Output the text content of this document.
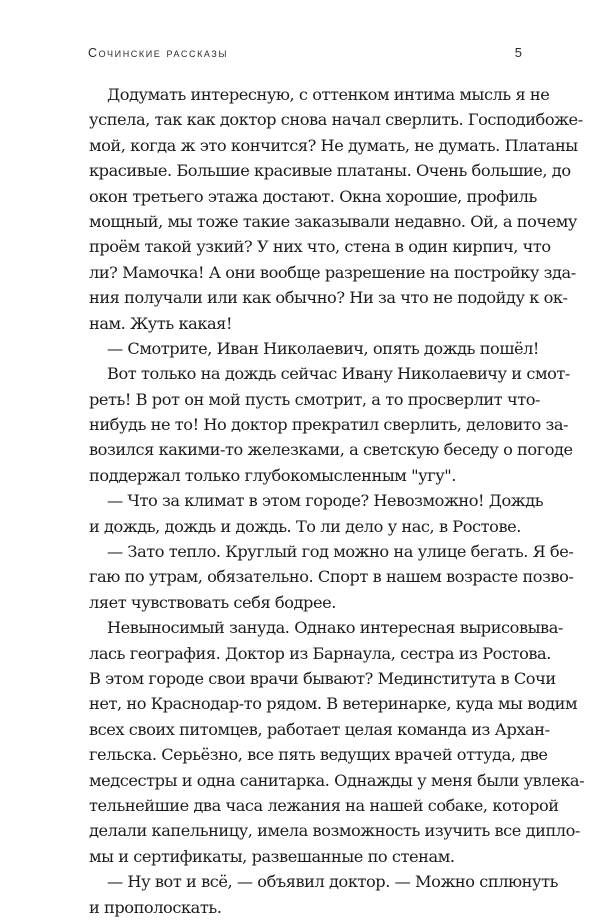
Сочинские рассказы	5
Додумать интересную, с оттенком интима мысль я не
успела, так как доктор снова начал сверлить. Господибоже-
мой, когда ж это кончится? Не думать, не думать. Платаны
красивые. Большие красивые платаны. Очень большие, до
окон третьего этажа достают. Окна хорошие, профиль
мощный, мы тоже такие заказывали недавно. Ой, а почему
проём такой узкий? У них что, стена в один кирпич, что
ли? Мамочка! А они вообще разрешение на постройку зда-
ния получали или как обычно? Ни за что не подойду к ок-
нам. Жуть какая!
— Смотрите, Иван Николаевич, опять дождь пошёл!
Вот только на дождь сейчас Ивану Николаевичу и смот-
реть! В рот он мой пусть смотрит, а то просверлит что-
нибудь не то! Но доктор прекратил сверлить, деловито за-
возился какими-то железками, а светскую беседу о погоде
поддержал только глубокомысленным "угу".
— Что за климат в этом городе? Невозможно! Дождь
и дождь, дождь и дождь. То ли дело у нас, в Ростове.
— Зато тепло. Круглый год можно на улице бегать. Я бе-
гаю по утрам, обязательно. Спорт в нашем возрасте позво-
ляет чувствовать себя бодрее.
Невыносимый зануда. Однако интересная вырисовыва-
лась география. Доктор из Барнаула, сестра из Ростова.
В этом городе свои врачи бывают? Мединститута в Сочи
нет, но Краснодар-то рядом. В ветеринарке, куда мы водим
всех своих питомцев, работает целая команда из Архан-
гельска. Серьёзно, все пять ведущих врачей оттуда, две
медсестры и одна санитарка. Однажды у меня были увлека-
тельнейшие два часа лежания на нашей собаке, которой
делали капельницу, имела возможность изучить все дипло-
мы и сертификаты, развешанные по стенам.
— Ну вот и всё, — объявил доктор. — Можно сплюнуть
и прополоскать.
